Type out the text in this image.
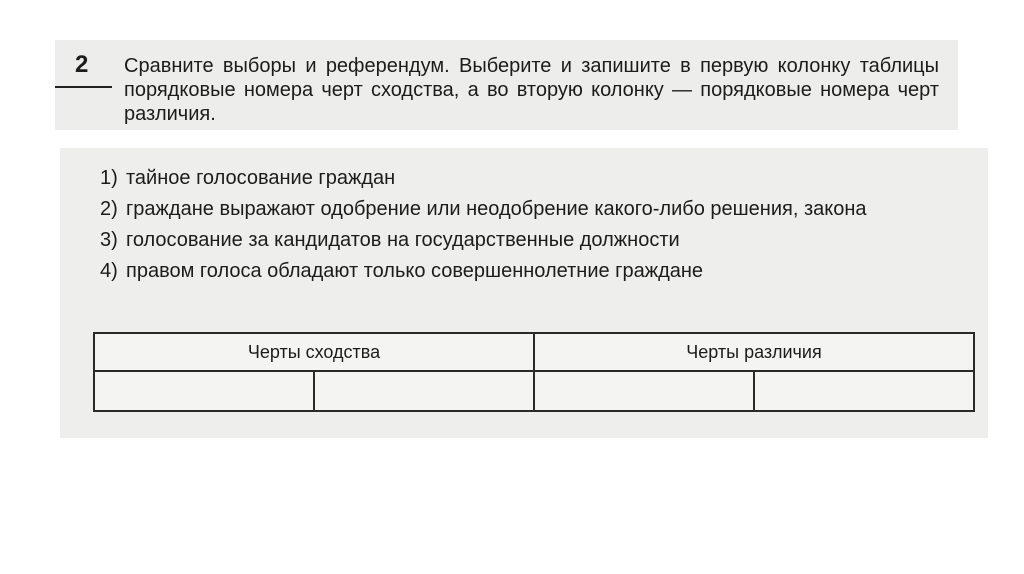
2 Сравните выборы и референдум. Выберите и запишите в первую колонку таблицы порядковые номера черт сходства, а во вторую колонку — порядковые номера черт различия.

1) тайное голосование граждан
2) граждане выражают одобрение или неодобрение какого-либо решения, закона
3) голосование за кандидатов на государственные должности
4) правом голоса обладают только совершеннолетние граждане
Черты сходства		Черты различия	
